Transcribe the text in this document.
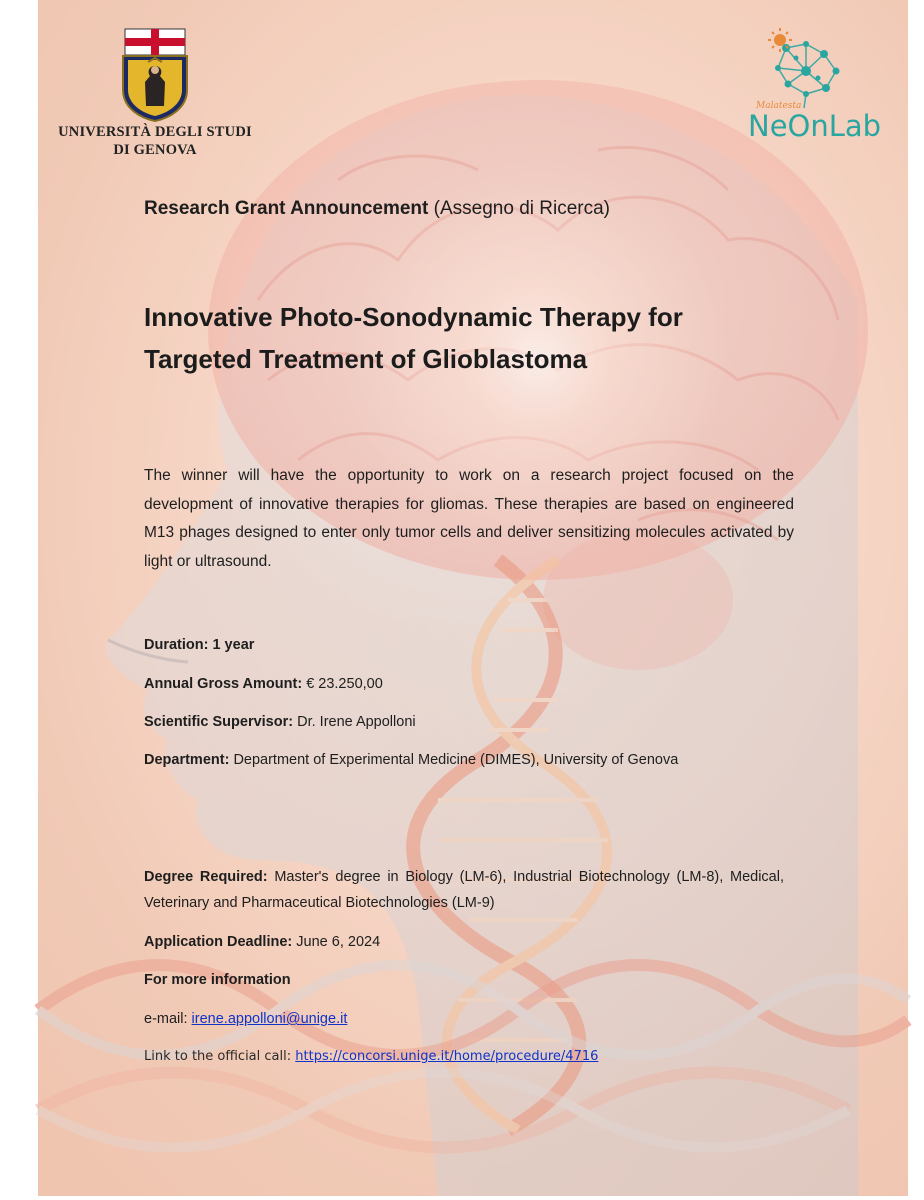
UNIVERSITÀ DEGLI STUDI
DI GENOVA
Malatesta
NeOnLab
Research Grant Announcement (Assegno di Ricerca)
Innovative Photo-Sonodynamic Therapy for
Targeted Treatment of Glioblastoma
The winner will have the opportunity to work on a research project focused on the development of innovative therapies for gliomas. These therapies are based on engineered M13 phages designed to enter only tumor cells and deliver sensitizing molecules activated by light or ultrasound.
Duration: 1 year
Annual Gross Amount: € 23.250,00
Scientific Supervisor: Dr. Irene Appolloni
Department: Department of Experimental Medicine (DIMES), University of Genova
Degree Required: Master's degree in Biology (LM-6), Industrial Biotechnology (LM-8), Medical, Veterinary and Pharmaceutical Biotechnologies (LM-9)
Application Deadline: June 6, 2024
For more information
e-mail: irene.appolloni@unige.it
Link to the official call: https://concorsi.unige.it/home/procedure/4716
